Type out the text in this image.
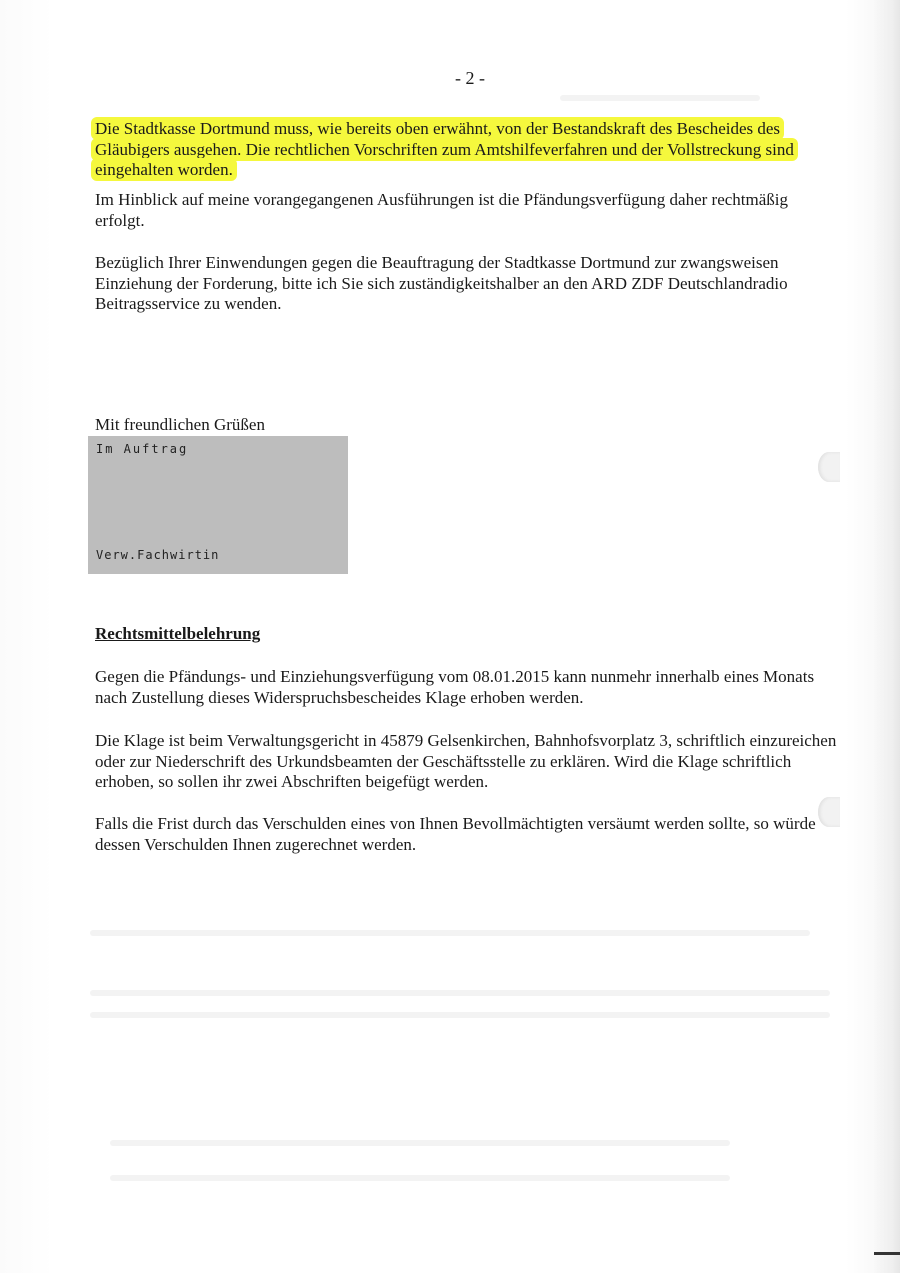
- 2 -

Die Stadtkasse Dortmund muss, wie bereits oben erwähnt, von der Bestandskraft des Bescheides des Gläubigers ausgehen. Die rechtlichen Vorschriften zum Amtshilfeverfahren und der Vollstreckung sind eingehalten worden.

Im Hinblick auf meine vorangegangenen Ausführungen ist die Pfändungsverfügung daher rechtmäßig erfolgt.

Bezüglich Ihrer Einwendungen gegen die Beauftragung der Stadtkasse Dortmund zur zwangsweisen Einziehung der Forderung, bitte ich Sie sich zuständigkeitshalber an den ARD ZDF Deutschlandradio Beitragsservice zu wenden.

Mit freundlichen Grüßen

Im Auftrag
Verw.Fachwirtin
Rechtsmittelbelehrung

Gegen die Pfändungs- und Einziehungsverfügung vom 08.01.2015 kann nunmehr innerhalb eines Monats nach Zustellung dieses Widerspruchsbescheides Klage erhoben werden.

Die Klage ist beim Verwaltungsgericht in 45879 Gelsenkirchen, Bahnhofsvorplatz 3, schriftlich einzureichen oder zur Niederschrift des Urkundsbeamten der Geschäftsstelle zu erklären. Wird die Klage schriftlich erhoben, so sollen ihr zwei Abschriften beigefügt werden.

Falls die Frist durch das Verschulden eines von Ihnen Bevollmächtigten versäumt werden sollte, so würde dessen Verschulden Ihnen zugerechnet werden.
